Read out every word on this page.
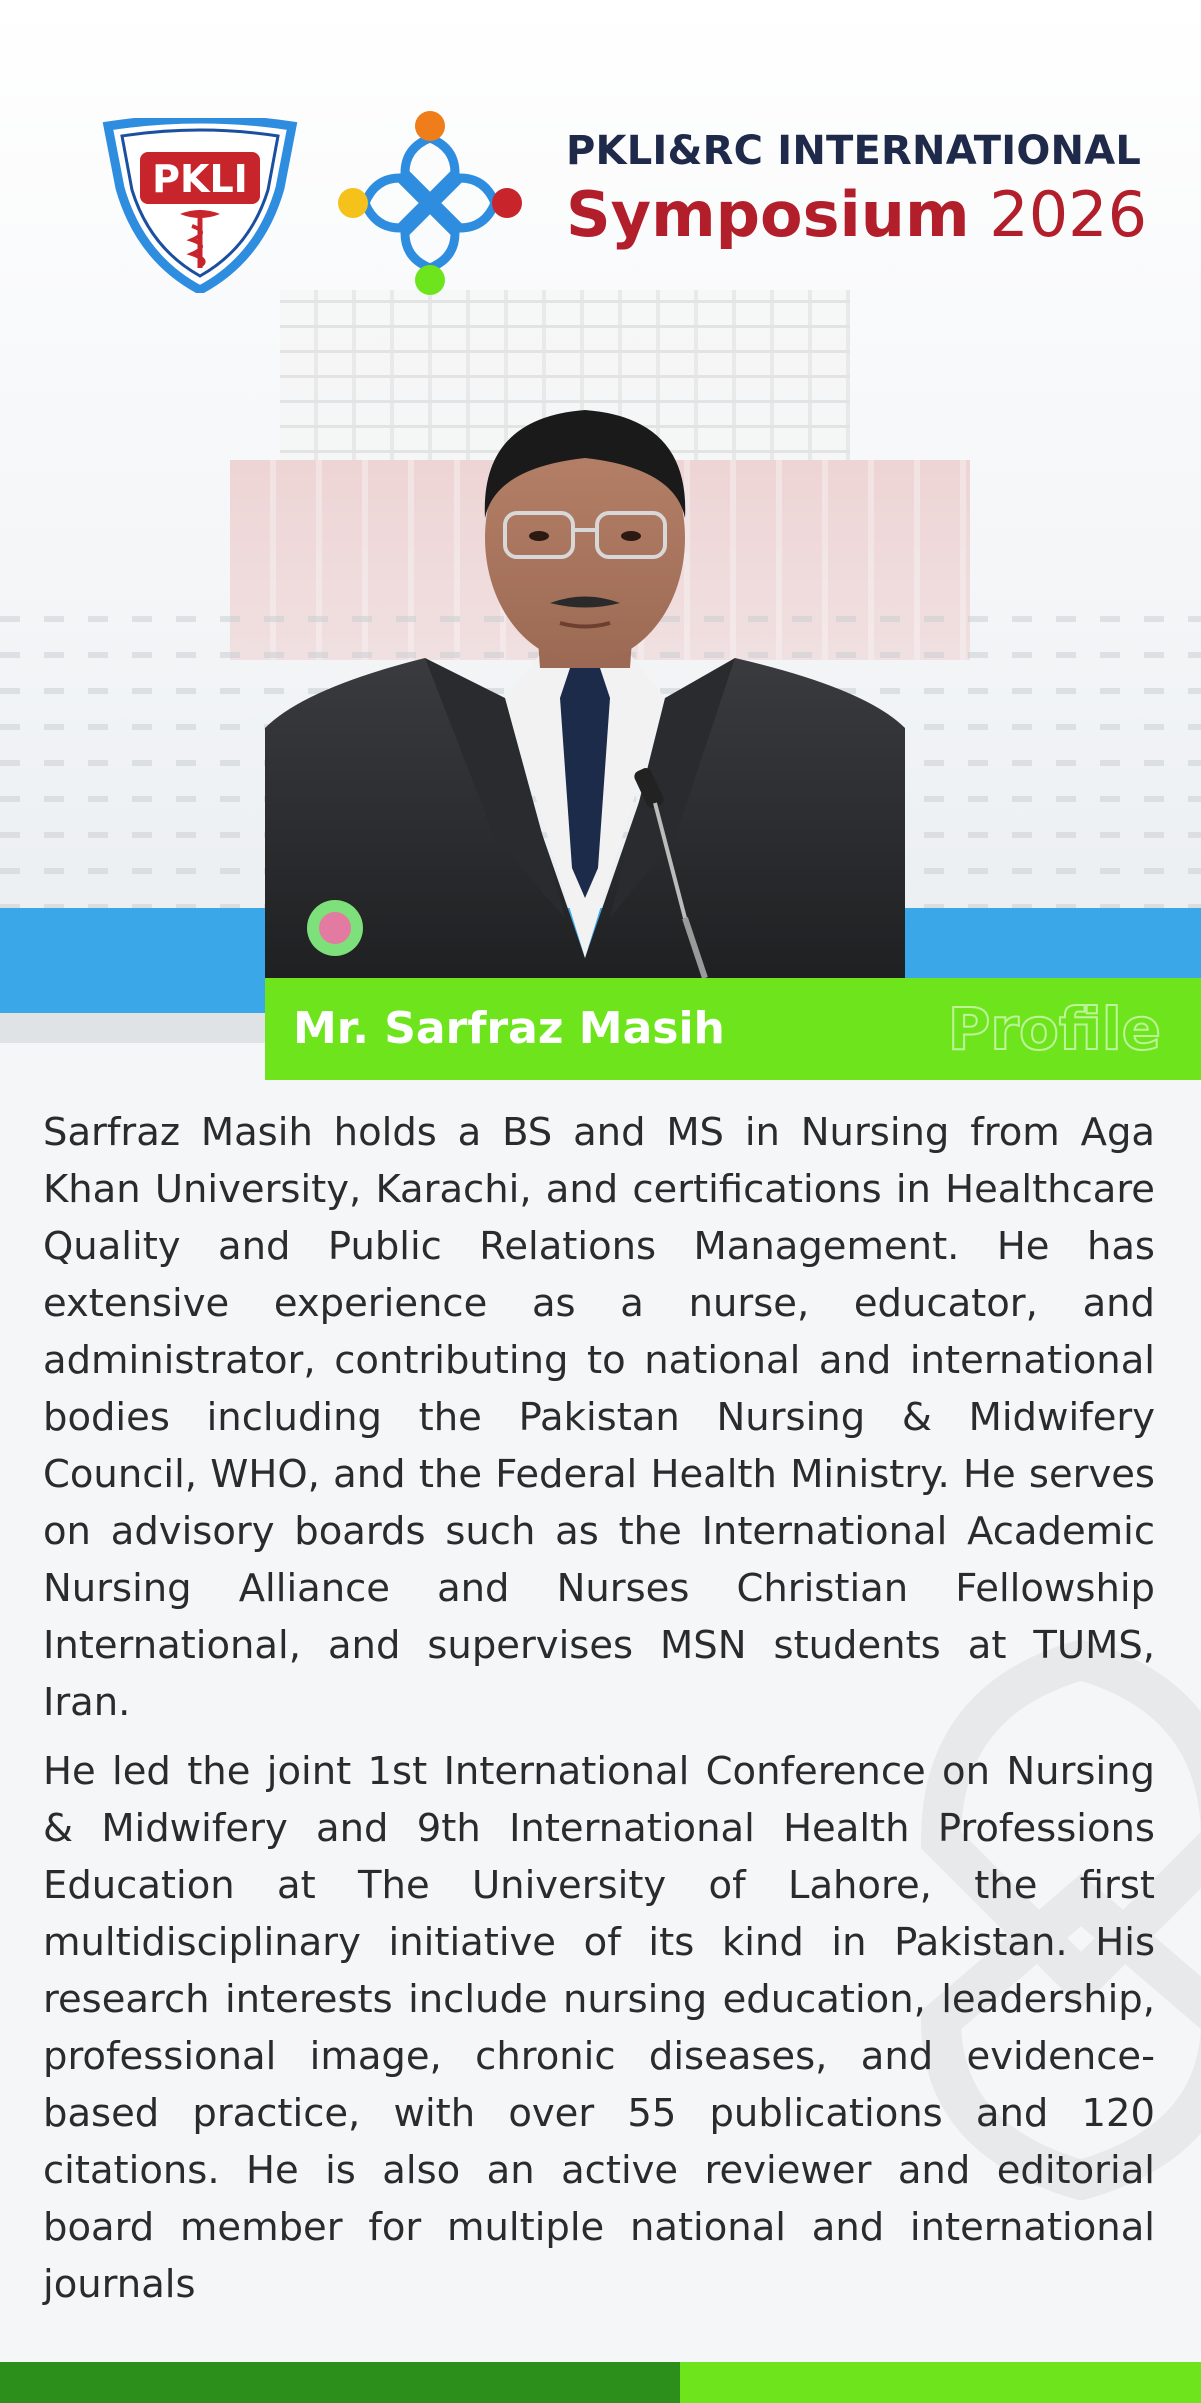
PKLI
PKLI&RC INTERNATIONAL
Symposium 2026
Mr. Sarfraz Masih	Profile

Sarfraz Masih holds a BS and MS in Nursing from Aga Khan University, Karachi, and certifications in Healthcare Quality and Public Relations Management. He has extensive experience as a nurse, educator, and administrator, contributing to national and international bodies including the Pakistan Nursing & Midwifery Council, WHO, and the Federal Health Ministry. He serves on advisory boards such as the International Academic Nursing Alliance and Nurses Christian Fellowship International, and supervises MSN students at TUMS, Iran.

He led the joint 1st International Conference on Nursing & Midwifery and 9th International Health Professions Education at The University of Lahore, the first multidisciplinary initiative of its kind in Pakistan. His research interests include nursing education, leadership, professional image, chronic diseases, and evidence-based practice, with over 55 publications and 120 citations. He is also an active reviewer and editorial board member for multiple national and international journals
